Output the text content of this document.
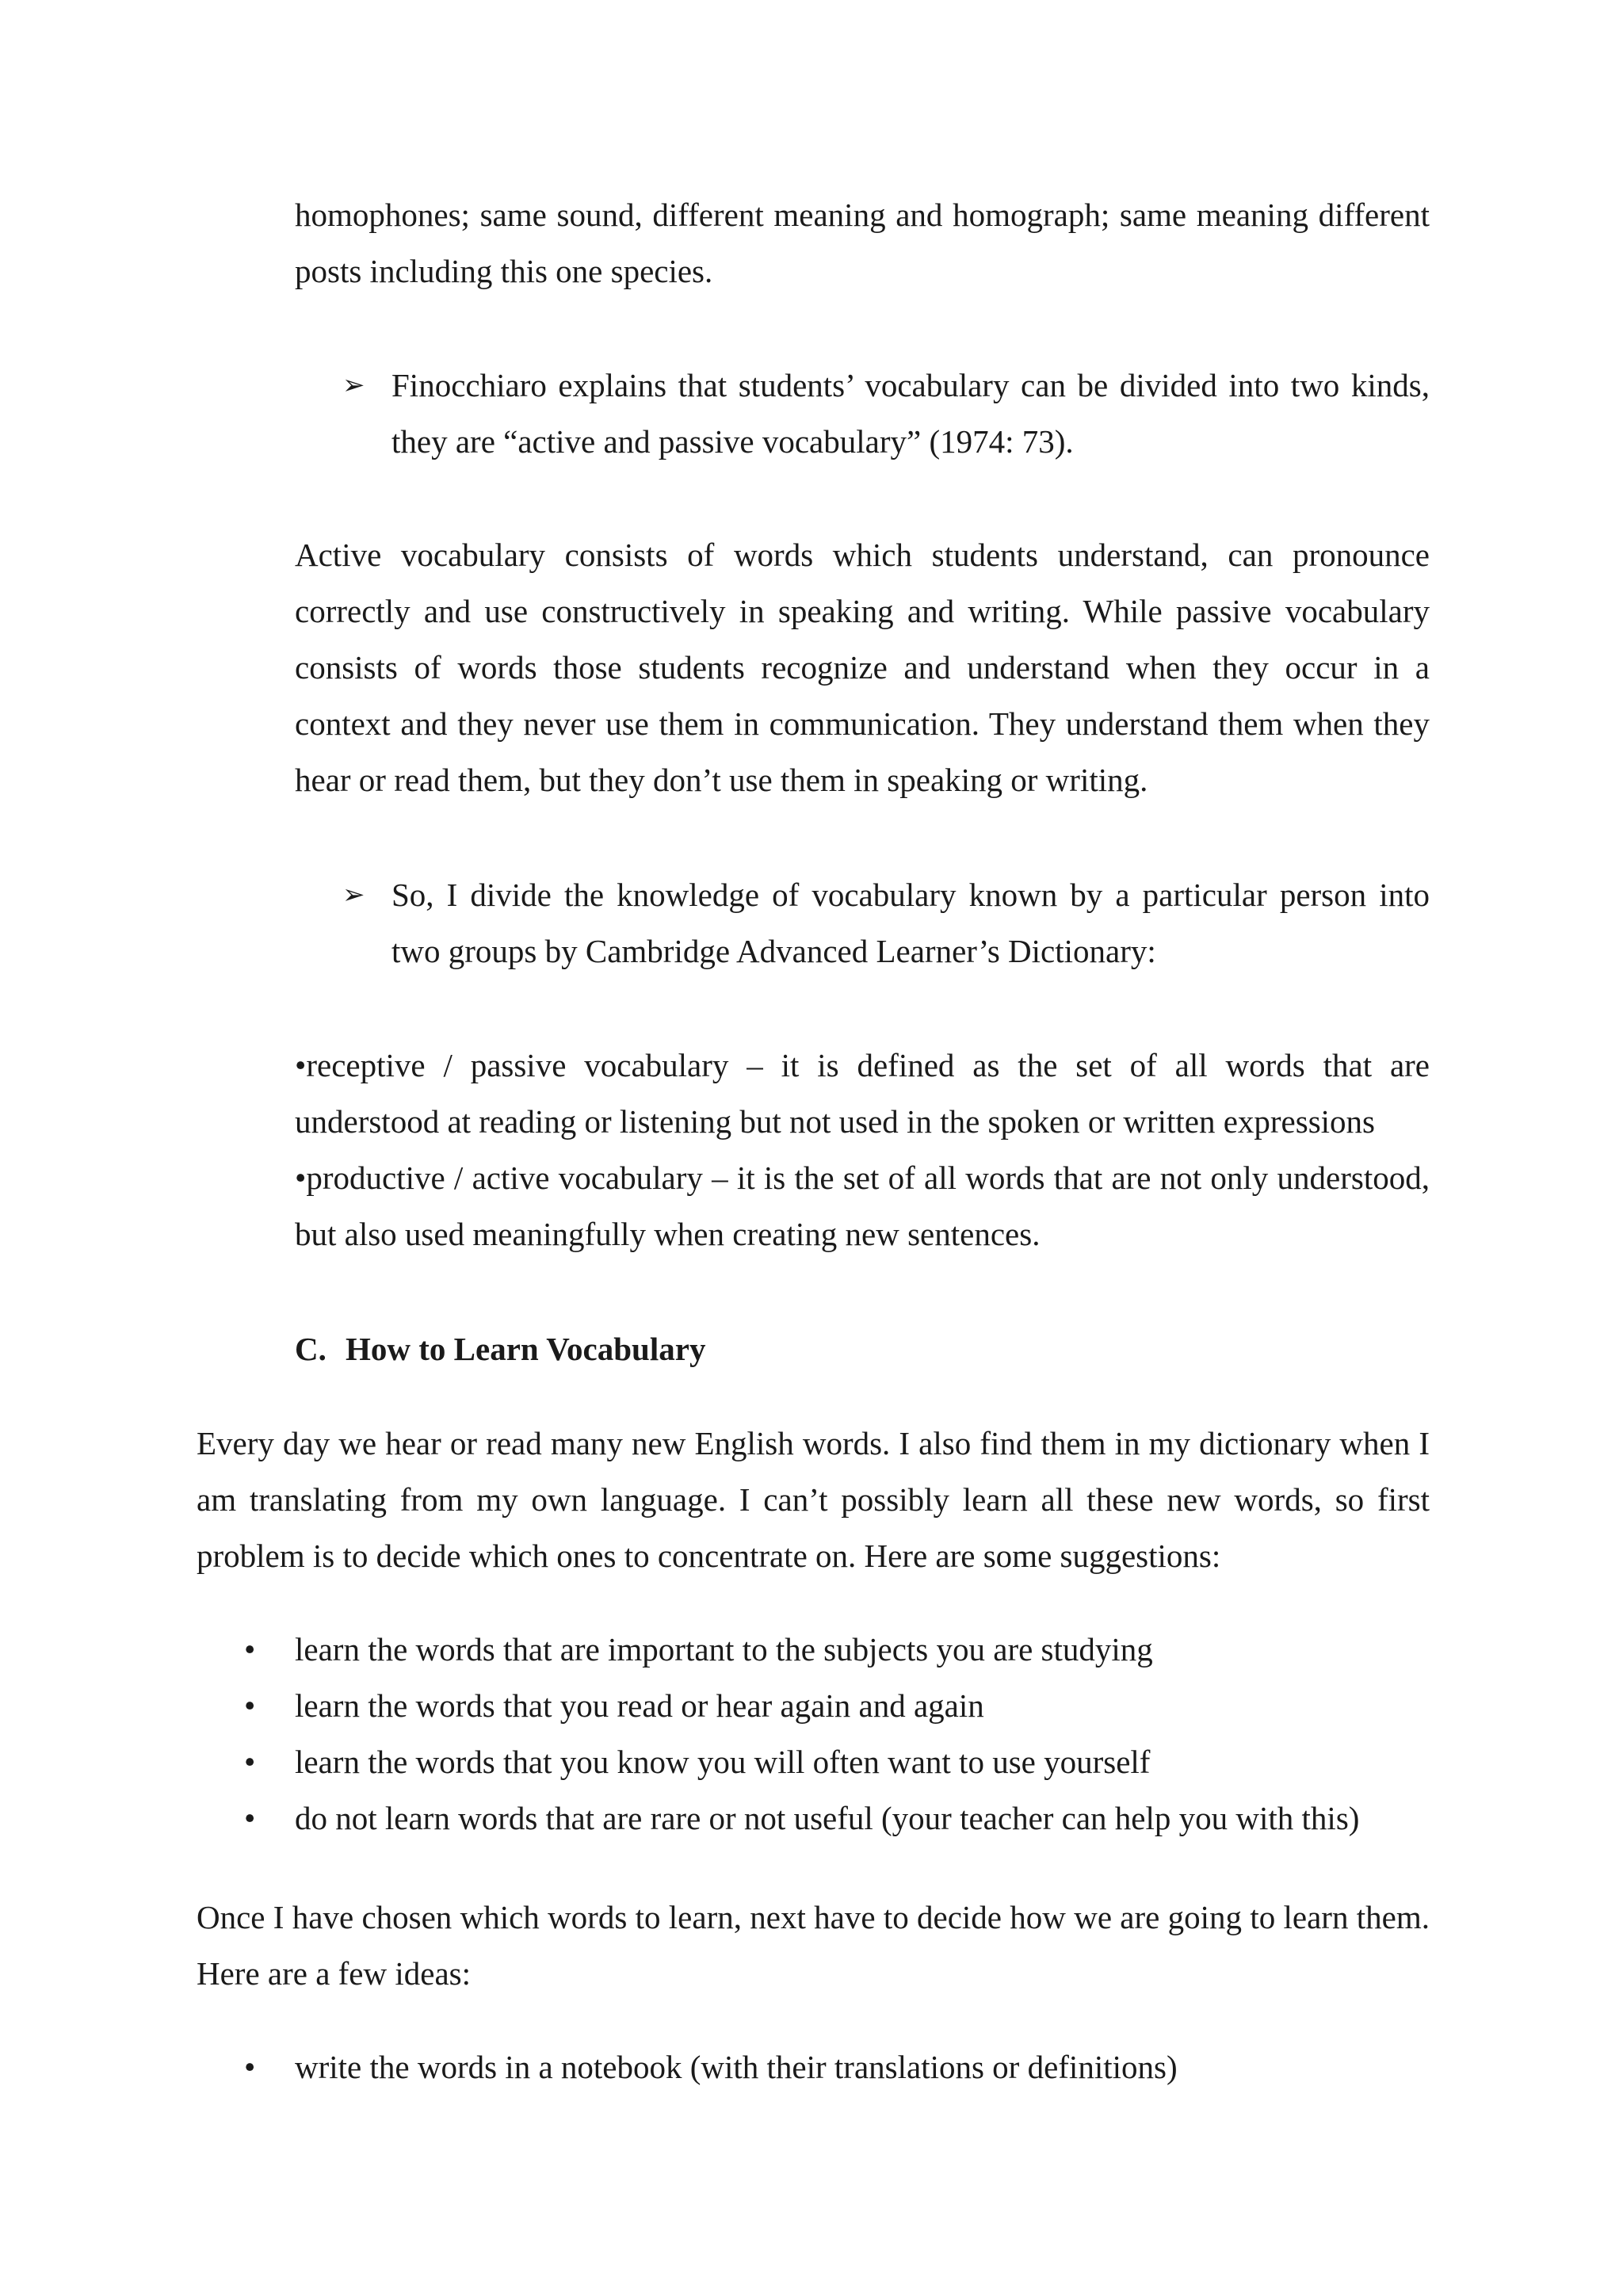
homophones; same sound, different meaning and homograph; same meaning different posts including this one species.

➢ Finocchiaro explains that students’ vocabulary can be divided into two kinds, they are “active and passive vocabulary” (1974: 73).

Active vocabulary consists of words which students understand, can pronounce correctly and use constructively in speaking and writing. While passive vocabulary consists of words those students recognize and understand when they occur in a context and they never use them in communication. They understand them when they hear or read them, but they don’t use them in speaking or writing.

➢ So, I divide the knowledge of vocabulary known by a particular person into two groups by Cambridge Advanced Learner’s Dictionary:

•receptive / passive vocabulary – it is defined as the set of all words that are understood at reading or listening but not used in the spoken or written expressions

•productive / active vocabulary – it is the set of all words that are not only understood, but also used meaningfully when creating new sentences.

C. How to Learn Vocabulary

Every day we hear or read many new English words. I also find them in my dictionary when I am translating from my own language. I can’t possibly learn all these new words, so first problem is to decide which ones to concentrate on. Here are some suggestions:

•	learn the words that are important to the subjects you are studying
•	learn the words that you read or hear again and again
•	learn the words that you know you will often want to use yourself
•	do not learn words that are rare or not useful (your teacher can help you with this)

Once I have chosen which words to learn, next have to decide how we are going to learn them. Here are a few ideas:

•	write the words in a notebook (with their translations or definitions)
